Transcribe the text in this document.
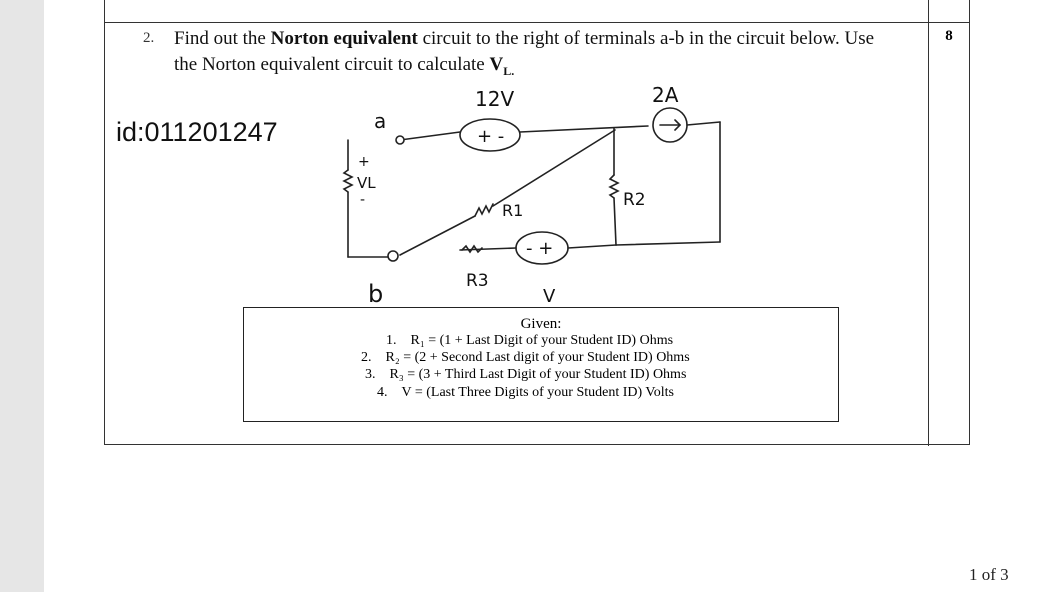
8
2. Find out the Norton equivalent circuit to the right of terminals a-b in the circuit below. Use the Norton equivalent circuit to calculate $V_{L.}$
id:011201247
12V	2A
a
b
VL
R1
R2
R3
V
+ -
- +
+
-
Given:
1. R₁ = (1 + Last Digit of your Student ID) Ohms
2. R₂ = (2 + Second Last digit of your Student ID) Ohms
3. R₃ = (3 + Third Last Digit of your Student ID) Ohms
4. V = (Last Three Digits of your Student ID) Volts
1 of 3
